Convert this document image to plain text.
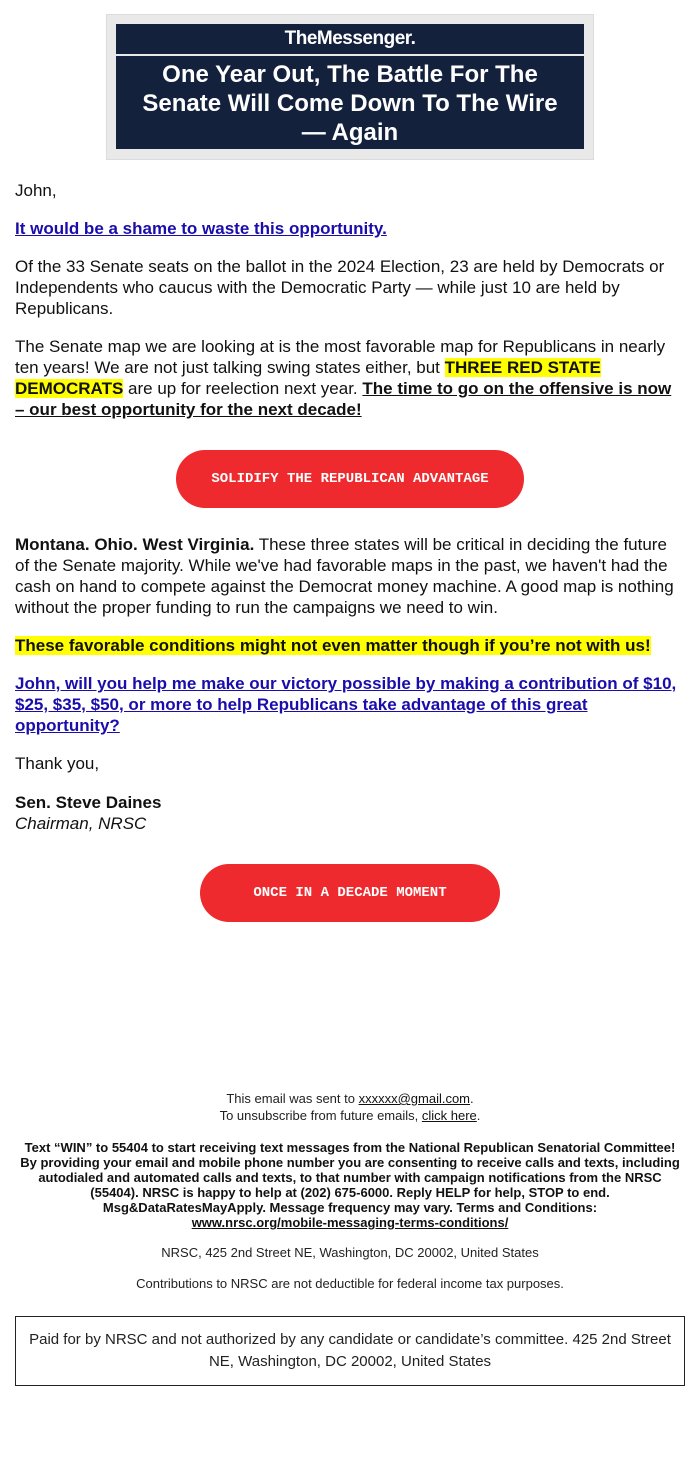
TheMessenger.
One Year Out, The Battle For The Senate Will Come Down To The Wire — Again

John,

It would be a shame to waste this opportunity.

Of the 33 Senate seats on the ballot in the 2024 Election, 23 are held by Democrats or Independents who caucus with the Democratic Party — while just 10 are held by Republicans.

The Senate map we are looking at is the most favorable map for Republicans in nearly ten years! We are not just talking swing states either, but THREE RED STATE DEMOCRATS are up for reelection next year. The time to go on the offensive is now – our best opportunity for the next decade!

SOLIDIFY THE REPUBLICAN ADVANTAGE

Montana. Ohio. West Virginia. These three states will be critical in deciding the future of the Senate majority. While we've had favorable maps in the past, we haven't had the cash on hand to compete against the Democrat money machine. A good map is nothing without the proper funding to run the campaigns we need to win.

These favorable conditions might not even matter though if you’re not with us!

John, will you help me make our victory possible by making a contribution of $10, $25, $35, $50, or more to help Republicans take advantage of this great opportunity?

Thank you,

Sen. Steve Daines

Chairman, NRSC

ONCE IN A DECADE MOMENT
This email was sent to xxxxxx@gmail.com.
To unsubscribe from future emails, click here.
Text “WIN” to 55404 to start receiving text messages from the National Republican Senatorial Committee! By providing your email and mobile phone number you are consenting to receive calls and texts, including autodialed and automated calls and texts, to that number with campaign notifications from the NRSC (55404). NRSC is happy to help at (202) 675-6000. Reply HELP for help, STOP to end. Msg&DataRatesMayApply. Message frequency may vary. Terms and Conditions:
www.nrsc.org/mobile-messaging-terms-conditions/
NRSC, 425 2nd Street NE, Washington, DC 20002, United States
Contributions to NRSC are not deductible for federal income tax purposes.
Paid for by NRSC and not authorized by any candidate or candidate’s committee. 425 2nd Street NE, Washington, DC 20002, United States
